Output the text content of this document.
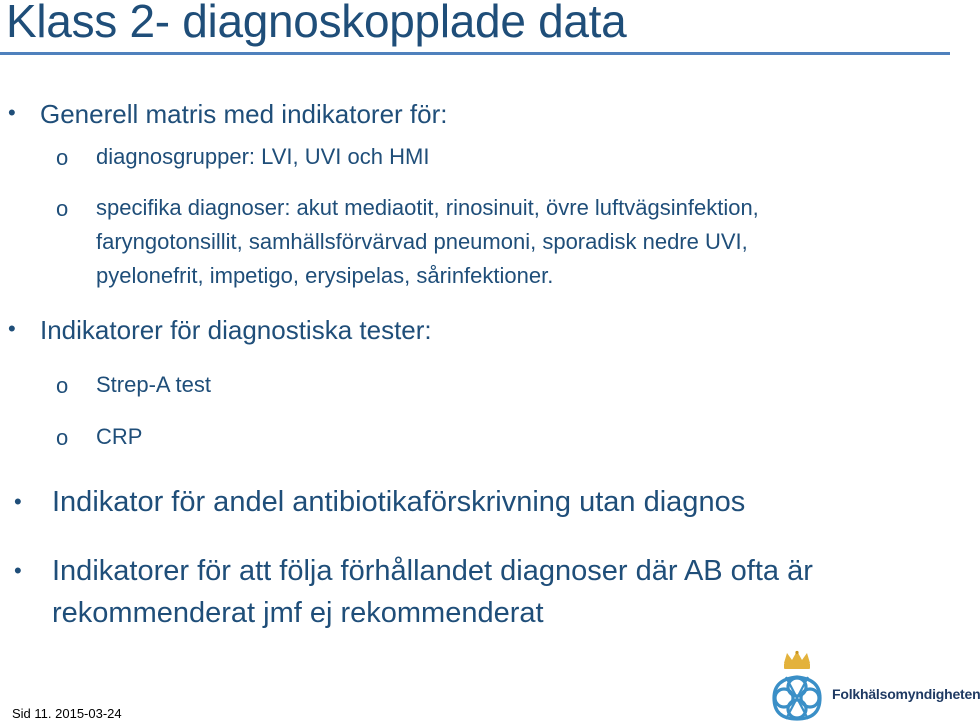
Klass 2- diagnoskopplade data
• Generell matris med indikatorer för:
o diagnosgrupper: LVI, UVI och HMI
o specifika diagnoser: akut mediaotit, rinosinuit, övre luftvägsinfektion,
faryngotonsillit, samhällsförvärvad pneumoni, sporadisk nedre UVI,
pyelonefrit, impetigo, erysipelas, sårinfektioner.
• Indikatorer för diagnostiska tester:
o Strep-A test
o CRP
• Indikator för andel antibiotikaförskrivning utan diagnos
• Indikatorer för att följa förhållandet diagnoser där AB ofta är
rekommenderat jmf ej rekommenderat
Sid 11. 2015-03-24
Folkhälsomyndigheten
